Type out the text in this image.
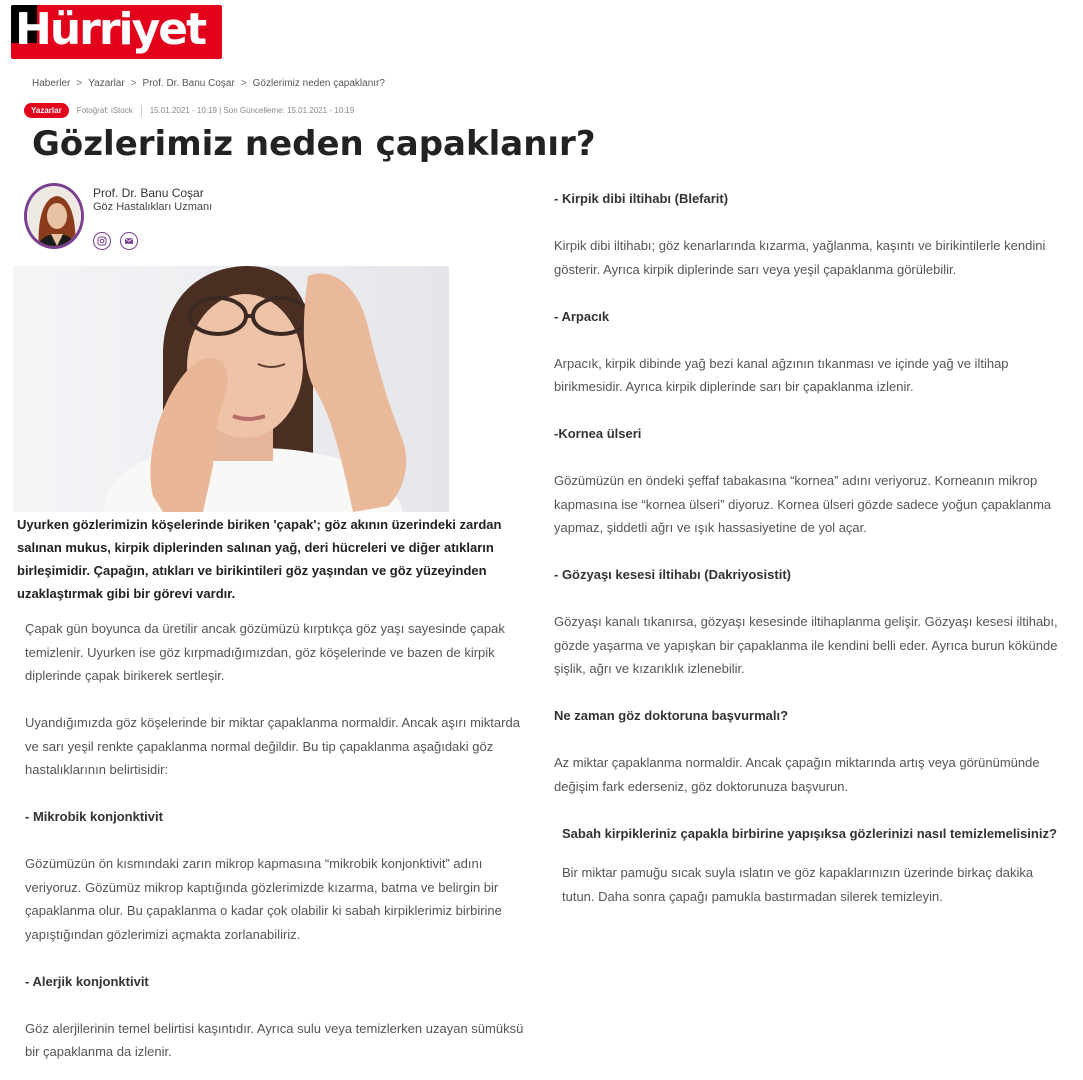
Hürriyet
Haberler > Yazarlar > Prof. Dr. Banu Coşar > Gözlerimiz neden çapaklanır?
Yazarlar	Fotoğraf: iStock 15.01.2021 - 10:19 | Son Güncelleme: 15.01.2021 - 10:19
Gözlerimiz neden çapaklanır?
Prof. Dr. Banu Coşar
Göz Hastalıkları Uzmanı
Uyurken gözlerimizin köşelerinde biriken 'çapak'; göz akının üzerindeki zardan salınan mukus, kirpik diplerinden salınan yağ, deri hücreleri ve diğer atıkların birleşimidir. Çapağın, atıkları ve birikintileri göz yaşından ve göz yüzeyinden uzaklaştırmak gibi bir görevi vardır.

Çapak gün boyunca da üretilir ancak gözümüzü kırptıkça göz yaşı sayesinde çapak temizlenir. Uyurken ise göz kırpmadığımızdan, göz köşelerinde ve bazen de kirpik diplerinde çapak birikerek sertleşir.

Uyandığımızda göz köşelerinde bir miktar çapaklanma normaldir. Ancak aşırı miktarda ve sarı yeşil renkte çapaklanma normal değildir. Bu tip çapaklanma aşağıdaki göz hastalıklarının belirtisidir:

- Mikrobik konjonktivit

Gözümüzün ön kısmındaki zarın mikrop kapmasına “mikrobik konjonktivit” adını veriyoruz. Gözümüz mikrop kaptığında gözlerimizde kızarma, batma ve belirgin bir çapaklanma olur. Bu çapaklanma o kadar çok olabilir ki sabah kirpiklerimiz birbirine yapıştığından gözlerimizi açmakta zorlanabiliriz.

- Alerjik konjonktivit

Göz alerjilerinin temel belirtisi kaşıntıdır. Ayrıca sulu veya temizlerken uzayan sümüksü bir çapaklanma da izlenir.

- Kirpik dibi iltihabı (Blefarit)

Kirpik dibi iltihabı; göz kenarlarında kızarma, yağlanma, kaşıntı ve birikintilerle kendini gösterir. Ayrıca kirpik diplerinde sarı veya yeşil çapaklanma görülebilir.

- Arpacık

Arpacık, kirpik dibinde yağ bezi kanal ağzının tıkanması ve içinde yağ ve iltihap birikmesidir. Ayrıca kirpik diplerinde sarı bir çapaklanma izlenir.

-Kornea ülseri

Gözümüzün en öndeki şeffaf tabakasına “kornea” adını veriyoruz. Korneanın mikrop kapmasına ise “kornea ülseri” diyoruz. Kornea ülseri gözde sadece yoğun çapaklanma yapmaz, şiddetli ağrı ve ışık hassasiyetine de yol açar.

- Gözyaşı kesesi iltihabı (Dakriyosistit)

Gözyaşı kanalı tıkanırsa, gözyaşı kesesinde iltihaplanma gelişir. Gözyaşı kesesi iltihabı, gözde yaşarma ve yapışkan bir çapaklanma ile kendini belli eder. Ayrıca burun kökünde şişlik, ağrı ve kızarıklık izlenebilir.

Ne zaman göz doktoruna başvurmalı?

Az miktar çapaklanma normaldir. Ancak çapağın miktarında artış veya görünümünde değişim fark ederseniz, göz doktorunuza başvurun.

Sabah kirpikleriniz çapakla birbirine yapışıksa gözlerinizi nasıl temizlemelisiniz?

Bir miktar pamuğu sıcak suyla ıslatın ve göz kapaklarınızın üzerinde birkaç dakika tutun. Daha sonra çapağı pamukla bastırmadan silerek temizleyin.
